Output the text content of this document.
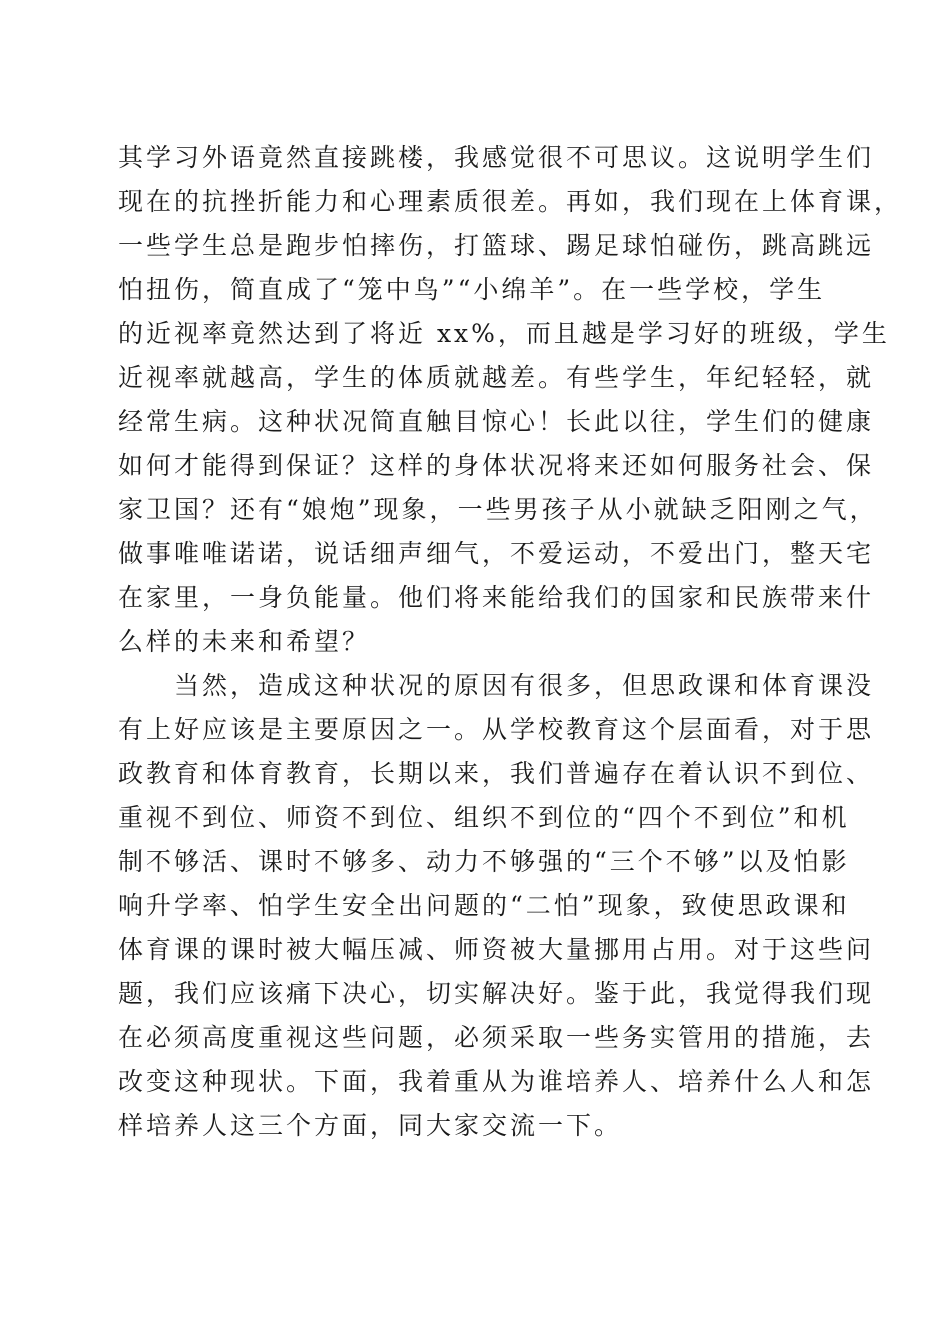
其学习外语竟然直接跳楼，我感觉很不可思议。这说明学生们
现在的抗挫折能力和心理素质很差。再如，我们现在上体育课，
一些学生总是跑步怕摔伤，打篮球、踢足球怕碰伤，跳高跳远
怕扭伤，简直成了“笼中鸟”“小绵羊”。在一些学校，学生
的近视率竟然达到了将近 xx%，而且越是学习好的班级，学生
近视率就越高，学生的体质就越差。有些学生，年纪轻轻，就
经常生病。这种状况简直触目惊心！长此以往，学生们的健康
如何才能得到保证？这样的身体状况将来还如何服务社会、保
家卫国？还有“娘炮”现象，一些男孩子从小就缺乏阳刚之气，
做事唯唯诺诺，说话细声细气，不爱运动，不爱出门，整天宅
在家里，一身负能量。他们将来能给我们的国家和民族带来什
么样的未来和希望？
当然，造成这种状况的原因有很多，但思政课和体育课没
有上好应该是主要原因之一。从学校教育这个层面看，对于思
政教育和体育教育，长期以来，我们普遍存在着认识不到位、
重视不到位、师资不到位、组织不到位的“四个不到位”和机
制不够活、课时不够多、动力不够强的“三个不够”以及怕影
响升学率、怕学生安全出问题的“二怕”现象，致使思政课和
体育课的课时被大幅压减、师资被大量挪用占用。对于这些问
题，我们应该痛下决心，切实解决好。鉴于此，我觉得我们现
在必须高度重视这些问题，必须采取一些务实管用的措施，去
改变这种现状。下面，我着重从为谁培养人、培养什么人和怎
样培养人这三个方面，同大家交流一下。
